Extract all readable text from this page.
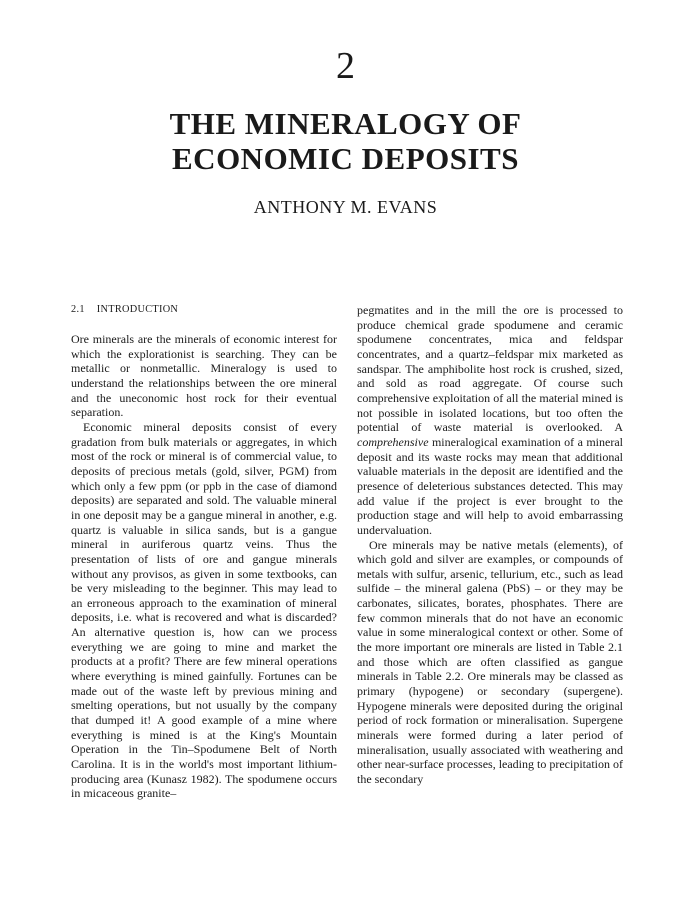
2
THE MINERALOGY OF
ECONOMIC DEPOSITS
ANTHONY M. EVANS
2.1 INTRODUCTION

Ore minerals are the minerals of economic interest for which the explorationist is searching. They can be metallic or nonmetallic. Mineralogy is used to understand the relationships between the ore mineral and the uneconomic host rock for their eventual separation.

Economic mineral deposits consist of every gradation from bulk materials or aggregates, in which most of the rock or mineral is of commercial value, to deposits of precious metals (gold, silver, PGM) from which only a few ppm (or ppb in the case of diamond deposits) are separated and sold. The valuable mineral in one deposit may be a gangue mineral in another, e.g. quartz is valuable in silica sands, but is a gangue mineral in auriferous quartz veins. Thus the presentation of lists of ore and gangue minerals without any provisos, as given in some textbooks, can be very misleading to the beginner. This may lead to an erroneous approach to the examination of mineral deposits, i.e. what is recovered and what is discarded? An alternative question is, how can we process everything we are going to mine and market the products at a profit? There are few mineral operations where everything is mined gainfully. Fortunes can be made out of the waste left by previous mining and smelting operations, but not usually by the company that dumped it! A good example of a mine where everything is mined is at the King's Mountain Operation in the Tin–Spodumene Belt of North Carolina. It is in the world's most important lithium-producing area (Kunasz 1982). The spodumene occurs in micaceous granite–

pegmatites and in the mill the ore is processed to produce chemical grade spodumene and ceramic spodumene concentrates, mica and feldspar concentrates, and a quartz–feldspar mix marketed as sandspar. The amphibolite host rock is crushed, sized, and sold as road aggregate. Of course such comprehensive exploitation of all the material mined is not possible in isolated locations, but too often the potential of waste material is overlooked. A comprehensive mineralogical examination of a mineral deposit and its waste rocks may mean that additional valuable materials in the deposit are identified and the presence of deleterious substances detected. This may add value if the project is ever brought to the production stage and will help to avoid embarrassing undervaluation.

Ore minerals may be native metals (elements), of which gold and silver are examples, or compounds of metals with sulfur, arsenic, tellurium, etc., such as lead sulfide – the mineral galena (PbS) – or they may be carbonates, silicates, borates, phosphates. There are few common minerals that do not have an economic value in some mineralogical context or other. Some of the more important ore minerals are listed in Table 2.1 and those which are often classified as gangue minerals in Table 2.2. Ore minerals may be classed as primary (hypogene) or secondary (supergene). Hypogene minerals were deposited during the original period of rock formation or mineralisation. Supergene minerals were formed during a later period of mineralisation, usually associated with weathering and other near-surface processes, leading to precipitation of the secondary
